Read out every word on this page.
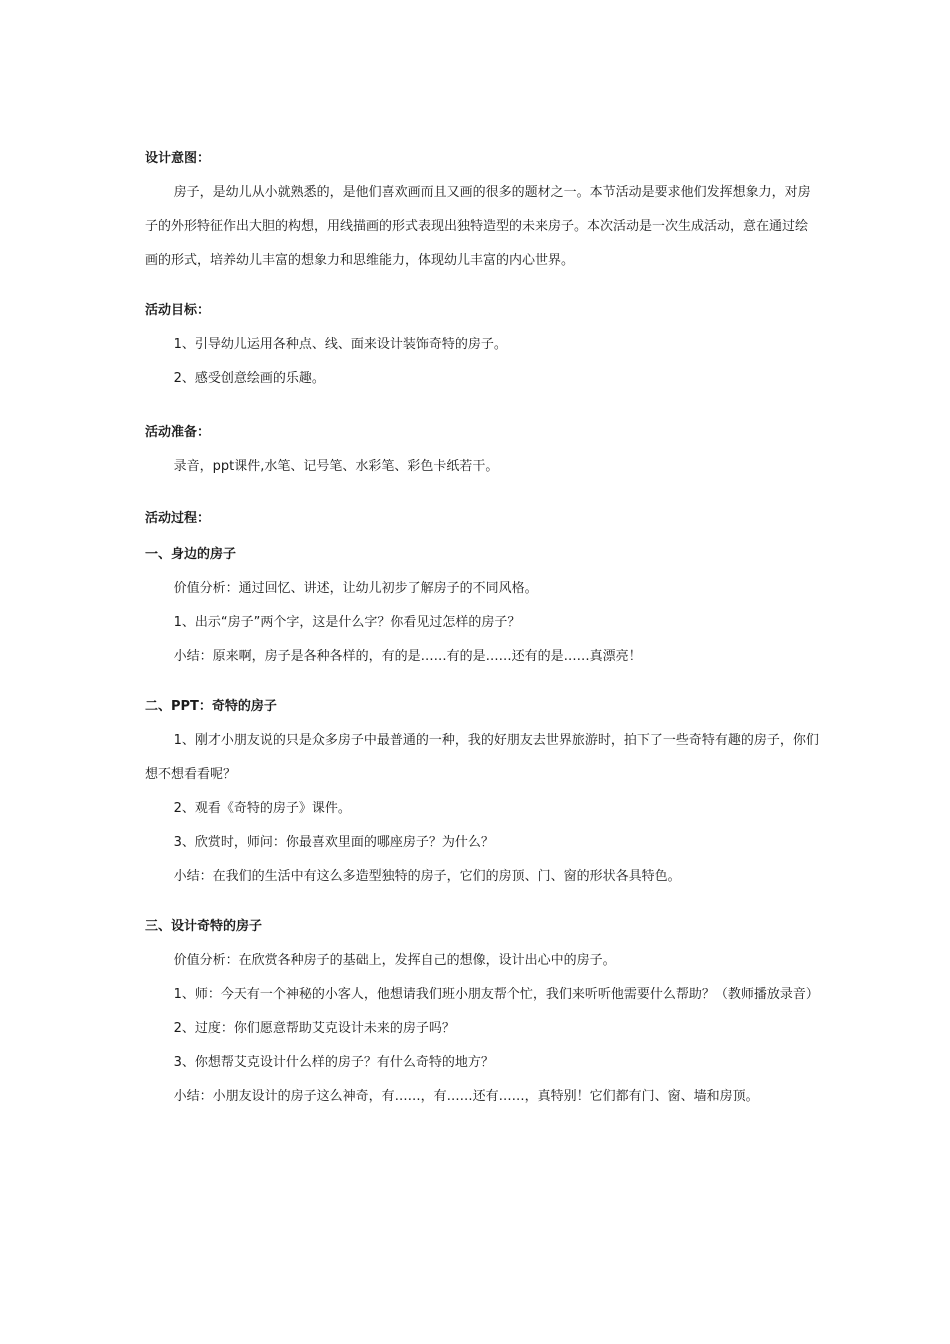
设计意图：

房子，是幼儿从小就熟悉的，是他们喜欢画而且又画的很多的题材之一。本节活动是要求他们发挥想象力，对房子的外形特征作出大胆的构想，用线描画的形式表现出独特造型的未来房子。本次活动是一次生成活动，意在通过绘画的形式，培养幼儿丰富的想象力和思维能力，体现幼儿丰富的内心世界。

活动目标：

1、引导幼儿运用各种点、线、面来设计装饰奇特的房子。

2、感受创意绘画的乐趣。

活动准备：

录音，ppt课件,水笔、记号笔、水彩笔、彩色卡纸若干。

活动过程：

一、身边的房子

价值分析：通过回忆、讲述，让幼儿初步了解房子的不同风格。

1、出示“房子”两个字，这是什么字？你看见过怎样的房子？

小结：原来啊，房子是各种各样的，有的是……有的是……还有的是……真漂亮！

二、PPT：奇特的房子

1、刚才小朋友说的只是众多房子中最普通的一种，我的好朋友去世界旅游时，拍下了一些奇特有趣的房子，你们想不想看看呢？

2、观看《奇特的房子》课件。

3、欣赏时，师问：你最喜欢里面的哪座房子？为什么？

小结：在我们的生活中有这么多造型独特的房子，它们的房顶、门、窗的形状各具特色。

三、设计奇特的房子

价值分析：在欣赏各种房子的基础上，发挥自己的想像，设计出心中的房子。

1、师：今天有一个神秘的小客人，他想请我们班小朋友帮个忙，我们来听听他需要什么帮助？（教师播放录音）

2、过度：你们愿意帮助艾克设计未来的房子吗？

3、你想帮艾克设计什么样的房子？有什么奇特的地方？

小结：小朋友设计的房子这么神奇，有……，有……还有……，真特别！它们都有门、窗、墙和房顶。
